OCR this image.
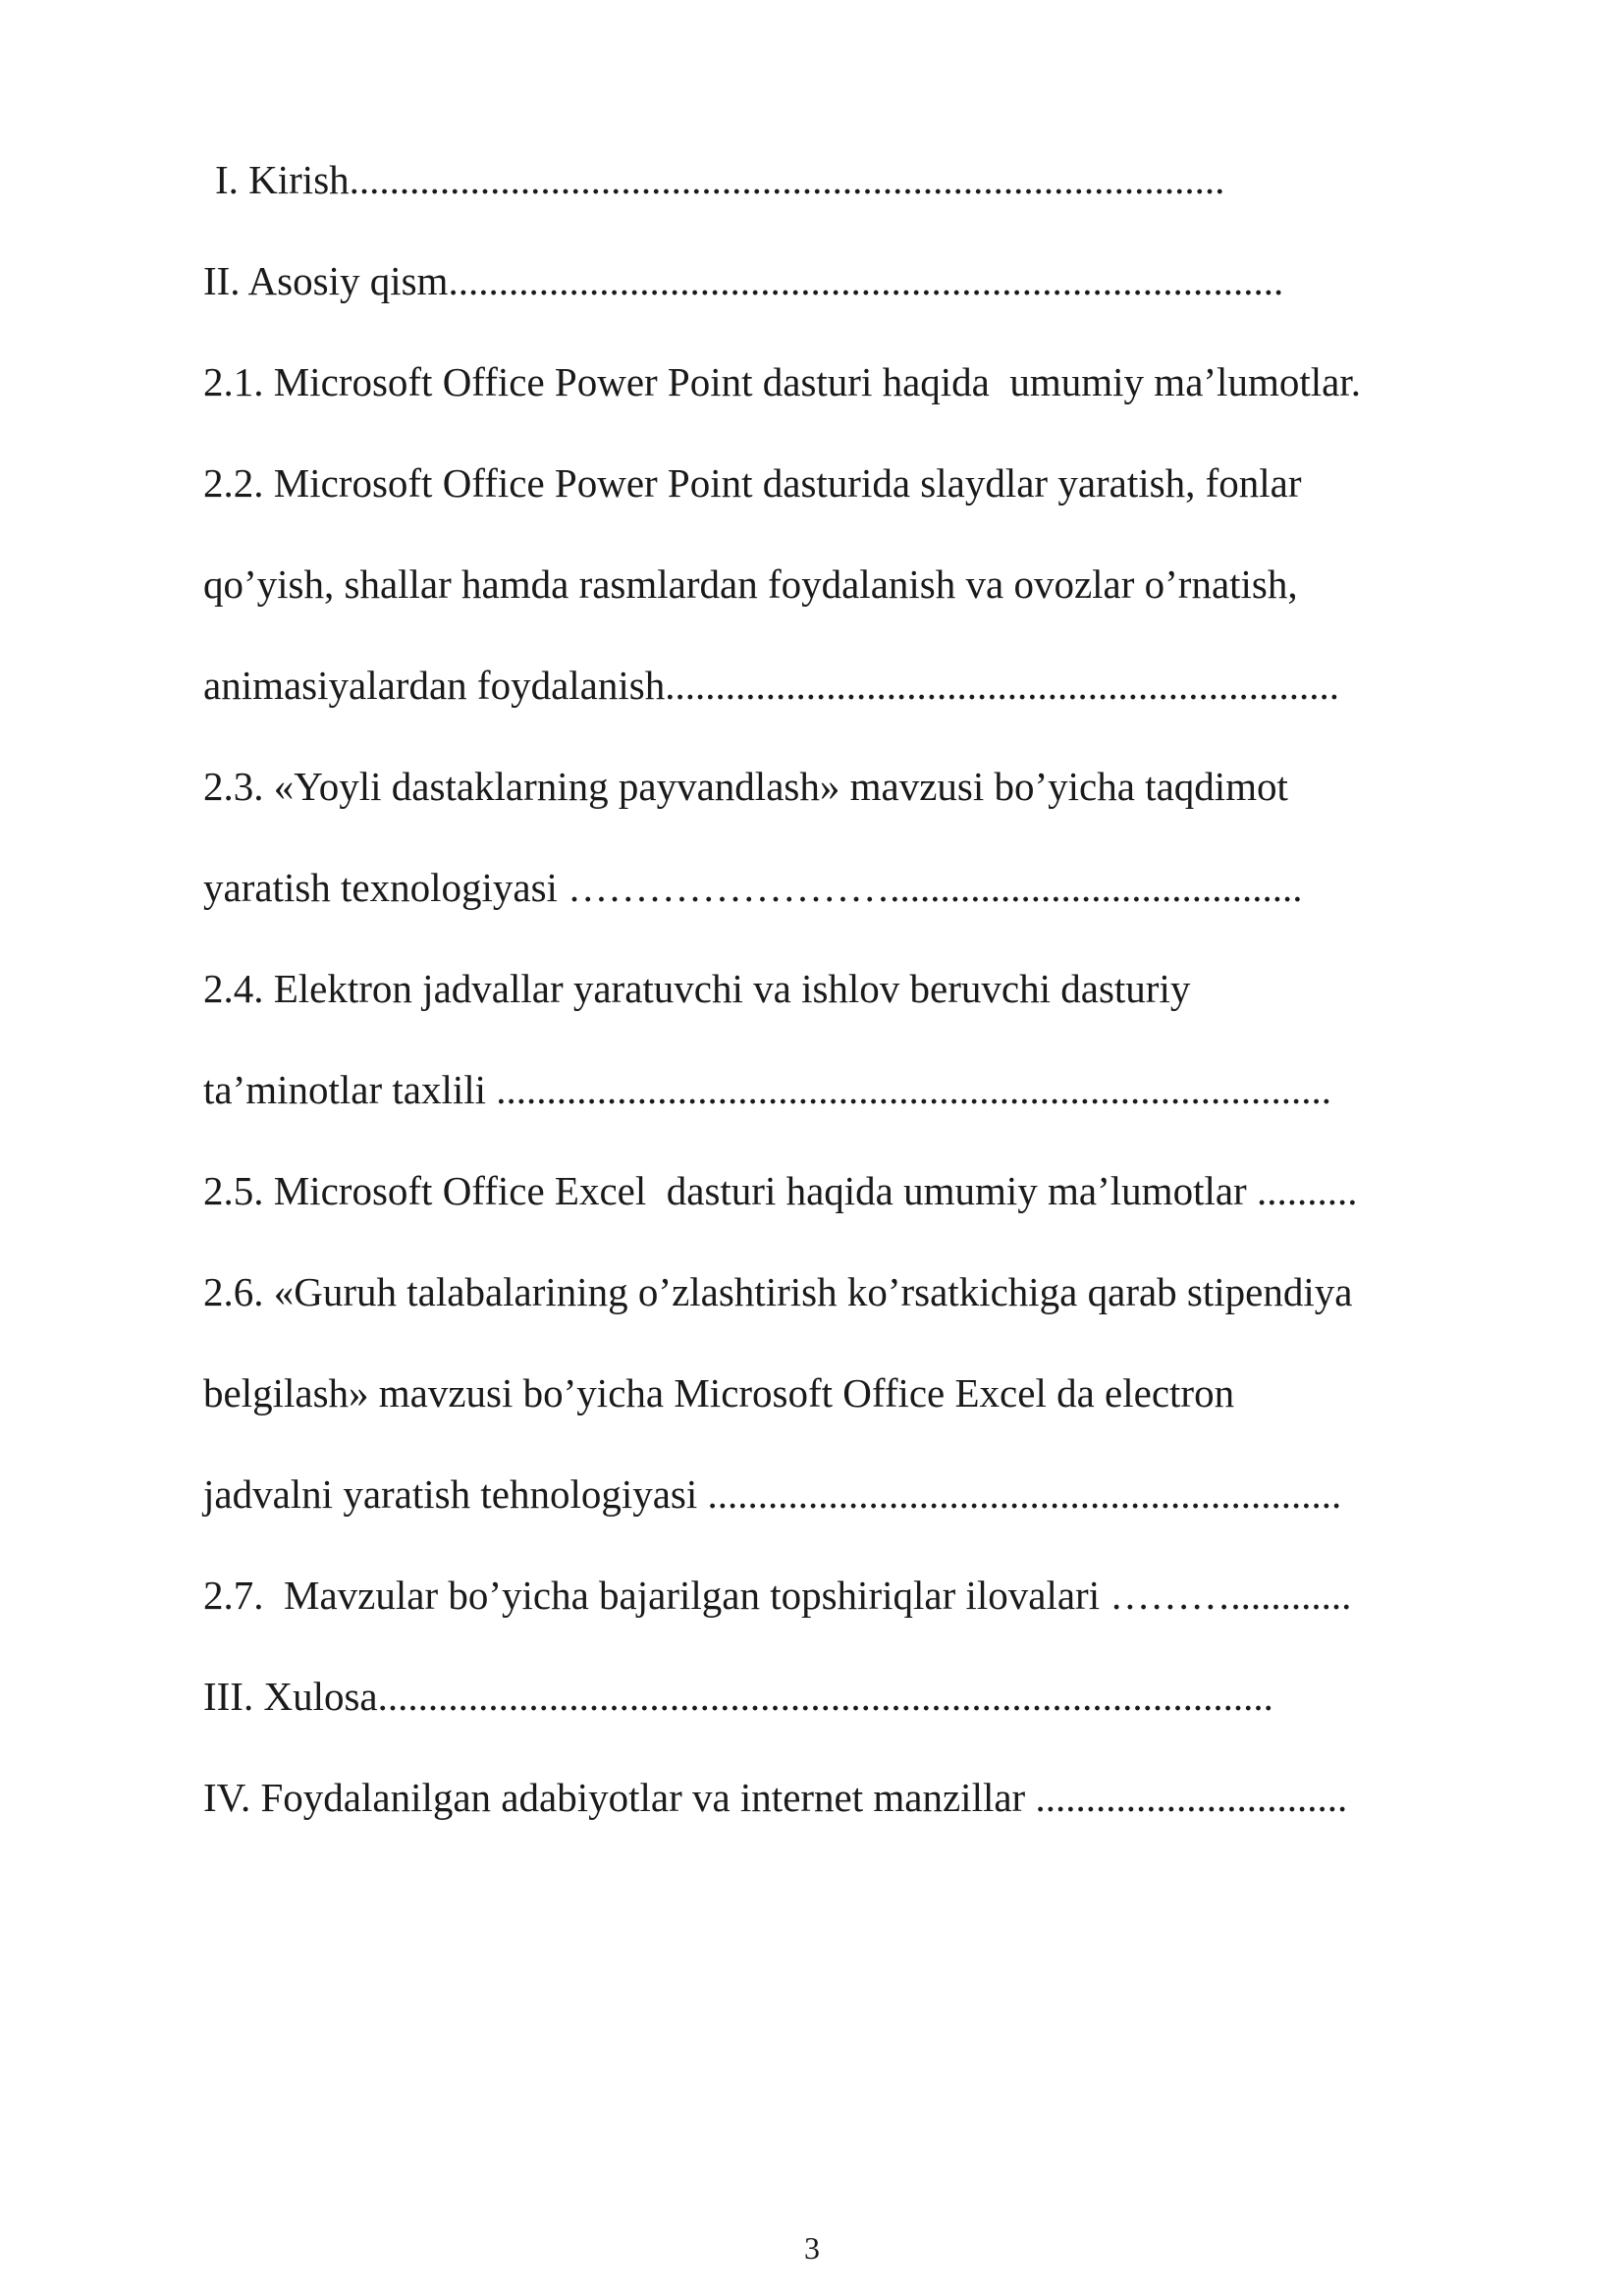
I. Kirish.......................................................................................
II. Asosiy qism...................................................................................
2.1. Microsoft Office Power Point dasturi haqida  umumiy ma’lumotlar.
2.2. Microsoft Office Power Point dasturida slaydlar yaratish, fonlar
qo’yish, shallar hamda rasmlardan foydalanish va ovozlar o’rnatish,
animasiyalardan foydalanish...................................................................
2.3. «Yoyli dastaklarning payvandlash» mavzusi bo’yicha taqdimot
yaratish texnologiyasi …………………….........................................
2.4. Elektron jadvallar yaratuvchi va ishlov beruvchi dasturiy
ta’minotlar taxlili ...................................................................................
2.5. Microsoft Office Excel  dasturi haqida umumiy ma’lumotlar ..........
2.6. «Guruh talabalarining o’zlashtirish ko’rsatkichiga qarab stipendiya
belgilash» mavzusi bo’yicha Microsoft Office Excel da electron
jadvalni yaratish tehnologiyasi ...............................................................
2.7.  Mavzular bo’yicha bajarilgan topshiriqlar ilovalari ………............
III. Xulosa.........................................................................................
IV. Foydalanilgan adabiyotlar va internet manzillar ...............................
3
